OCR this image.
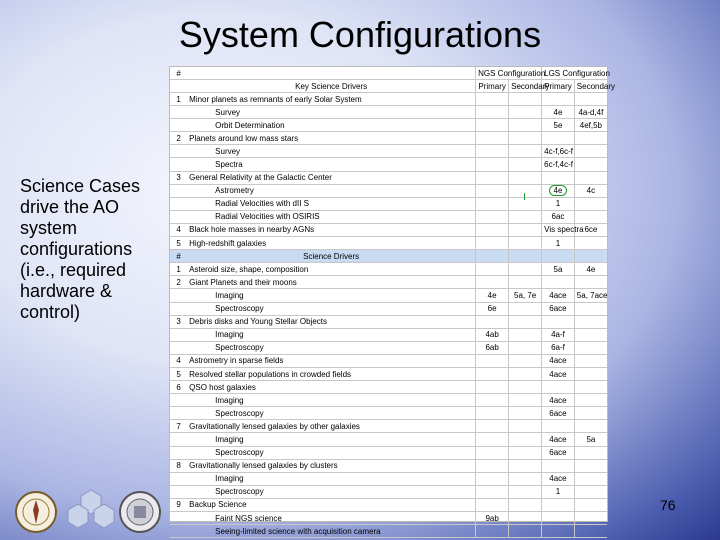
System Configurations
Science Cases drive the AO system configurations (i.e., required hardware & control)
#		NGS Configuration		LGS Configuration	
	Key Science Drivers	Primary	Secondary	Primary	Secondary
1	Minor planets as remnants of early Solar System				
	Survey			4e	4a-d,4f
	Orbit Determination			5e	4ef,5b
2	Planets around low mass stars				
	Survey			4c-f,6c-f	
	Spectra			6c-f,4c-f	
3	General Relativity at the Galactic Center				
	Astrometry			4e	4c
	Radial Velocities with dII S			1	
	Radial Velocities with OSIRIS			6ac	
4	Black hole masses in nearby AGNs			Vis spectra	6ce
5	High-redshift galaxies			1	
#	Science Drivers				
1	Asteroid size, shape, composition			5a	4e
2	Giant Planets and their moons				
	Imaging	4e	5a, 7e	4ace	5a, 7ace
	Spectroscopy	6e		6ace	
3	Debris disks and Young Stellar Objects				
	Imaging	4ab		4a-f	
	Spectroscopy	6ab		6a-f	
4	Astrometry in sparse fields			4ace	
5	Resolved stellar populations in crowded fields			4ace	
6	QSO host galaxies				
	Imaging			4ace	
	Spectroscopy			6ace	
7	Gravitationally lensed galaxies by other galaxies				
	Imaging			4ace	5a
	Spectroscopy			6ace	
8	Gravitationally lensed galaxies by clusters				
	Imaging			4ace	
	Spectroscopy			1	
9	Backup Science				
	Faint NGS science	9ab			
	Seeing-limited science with acquisition camera				
76
